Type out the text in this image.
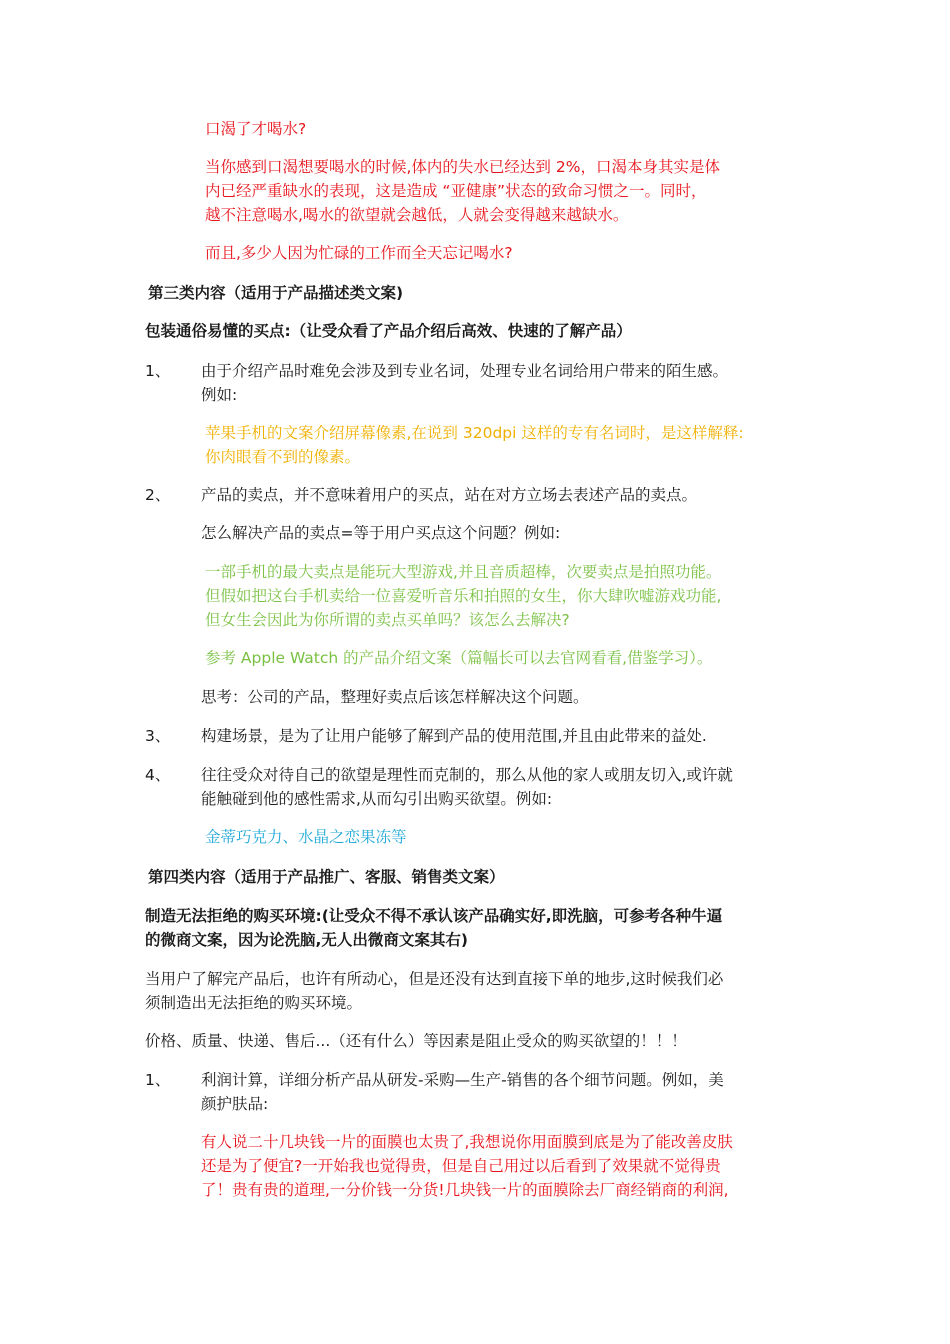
口渴了才喝水?
当你感到口渴想要喝水的时候,体内的失水已经达到 2%，口渴本身其实是体
内已经严重缺水的表现，这是造成 “亚健康”状态的致命习惯之一。同时，
越不注意喝水,喝水的欲望就会越低，人就会变得越来越缺水。
而且,多少人因为忙碌的工作而全天忘记喝水?
第三类内容（适用于产品描述类文案)
包装通俗易懂的买点:（让受众看了产品介绍后高效、快速的了解产品）
1、 由于介绍产品时难免会涉及到专业名词，处理专业名词给用户带来的陌生感。
例如:
苹果手机的文案介绍屏幕像素,在说到 320dpi 这样的专有名词时，是这样解释:
你肉眼看不到的像素。
2、 产品的卖点，并不意味着用户的买点，站在对方立场去表述产品的卖点。
怎么解决产品的卖点=等于用户买点这个问题？例如:
一部手机的最大卖点是能玩大型游戏,并且音质超棒，次要卖点是拍照功能。
但假如把这台手机卖给一位喜爱听音乐和拍照的女生，你大肆吹嘘游戏功能,
但女生会因此为你所谓的卖点买单吗？该怎么去解决?
参考 Apple Watch 的产品介绍文案（篇幅长可以去官网看看,借鉴学习）。
思考：公司的产品，整理好卖点后该怎样解决这个问题。
3、 构建场景，是为了让用户能够了解到产品的使用范围,并且由此带来的益处.
4、 往往受众对待自己的欲望是理性而克制的，那么从他的家人或朋友切入,或许就
能触碰到他的感性需求,从而勾引出购买欲望。例如:
金蒂巧克力、水晶之恋果冻等
第四类内容（适用于产品推广、客服、销售类文案）
制造无法拒绝的购买环境:(让受众不得不承认该产品确实好,即洗脑，可参考各种牛逼
的微商文案，因为论洗脑,无人出微商文案其右)
当用户了解完产品后，也许有所动心，但是还没有达到直接下单的地步,这时候我们必
须制造出无法拒绝的购买环境。
价格、质量、快递、售后...（还有什么）等因素是阻止受众的购买欲望的！！！
1、 利润计算，详细分析产品从研发-采购—生产-销售的各个细节问题。例如，美
颜护肤品:
有人说二十几块钱一片的面膜也太贵了,我想说你用面膜到底是为了能改善皮肤
还是为了便宜?一开始我也觉得贵，但是自己用过以后看到了效果就不觉得贵
了！贵有贵的道理,一分价钱一分货!几块钱一片的面膜除去厂商经销商的利润,
